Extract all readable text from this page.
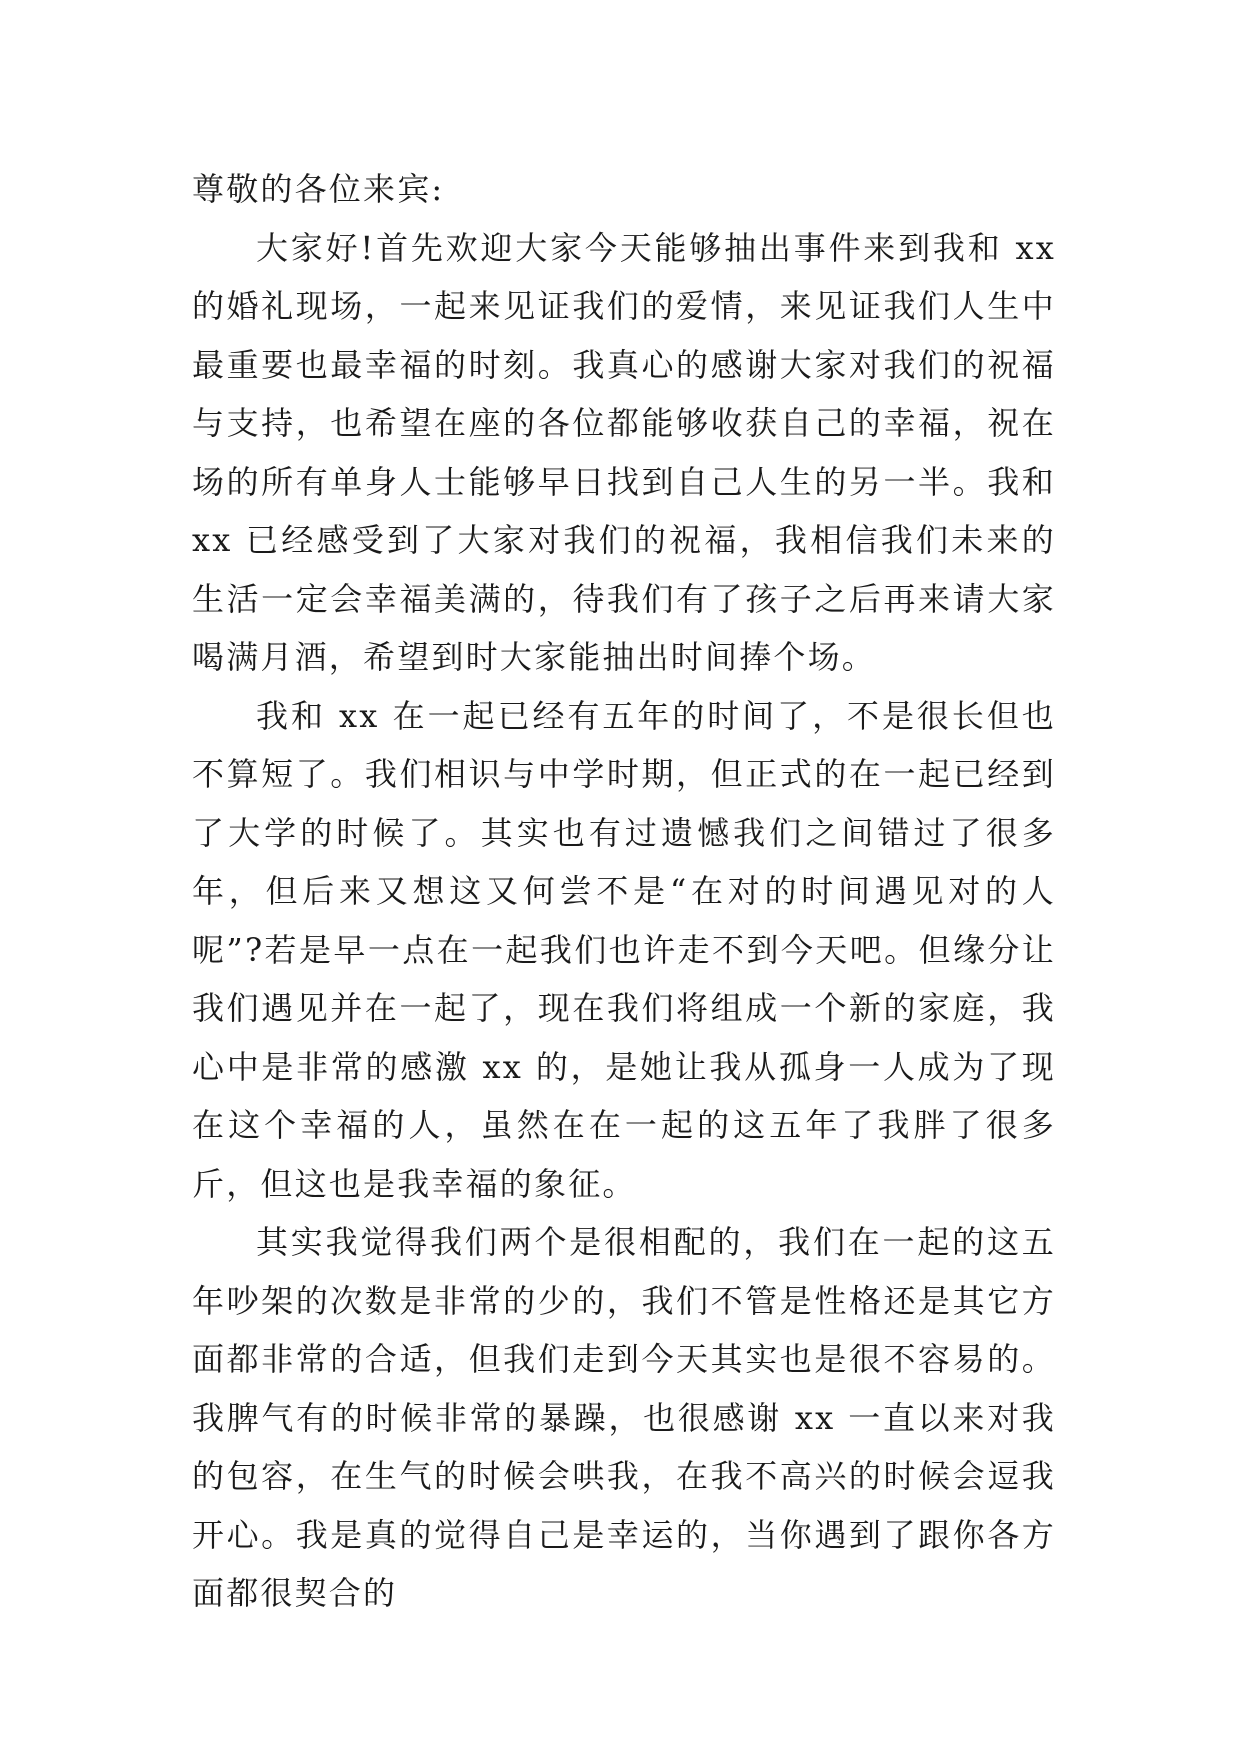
尊敬的各位来宾:

大家好!首先欢迎大家今天能够抽出事件来到我和 xx 的婚礼现场，一起来见证我们的爱情，来见证我们人生中最重要也最幸福的时刻。我真心的感谢大家对我们的祝福与支持，也希望在座的各位都能够收获自己的幸福，祝在场的所有单身人士能够早日找到自己人生的另一半。我和 xx 已经感受到了大家对我们的祝福，我相信我们未来的生活一定会幸福美满的，待我们有了孩子之后再来请大家喝满月酒，希望到时大家能抽出时间捧个场。

我和 xx 在一起已经有五年的时间了，不是很长但也不算短了。我们相识与中学时期，但正式的在一起已经到了大学的时候了。其实也有过遗憾我们之间错过了很多年，但后来又想这又何尝不是“在对的时间遇见对的人呢”?若是早一点在一起我们也许走不到今天吧。但缘分让我们遇见并在一起了，现在我们将组成一个新的家庭，我心中是非常的感激 xx 的，是她让我从孤身一人成为了现在这个幸福的人，虽然在在一起的这五年了我胖了很多斤，但这也是我幸福的象征。

其实我觉得我们两个是很相配的，我们在一起的这五年吵架的次数是非常的少的，我们不管是性格还是其它方面都非常的合适，但我们走到今天其实也是很不容易的。我脾气有的时候非常的暴躁，也很感谢 xx 一直以来对我的包容，在生气的时候会哄我，在我不高兴的时候会逗我开心。我是真的觉得自己是幸运的，当你遇到了跟你各方面都很契合的
